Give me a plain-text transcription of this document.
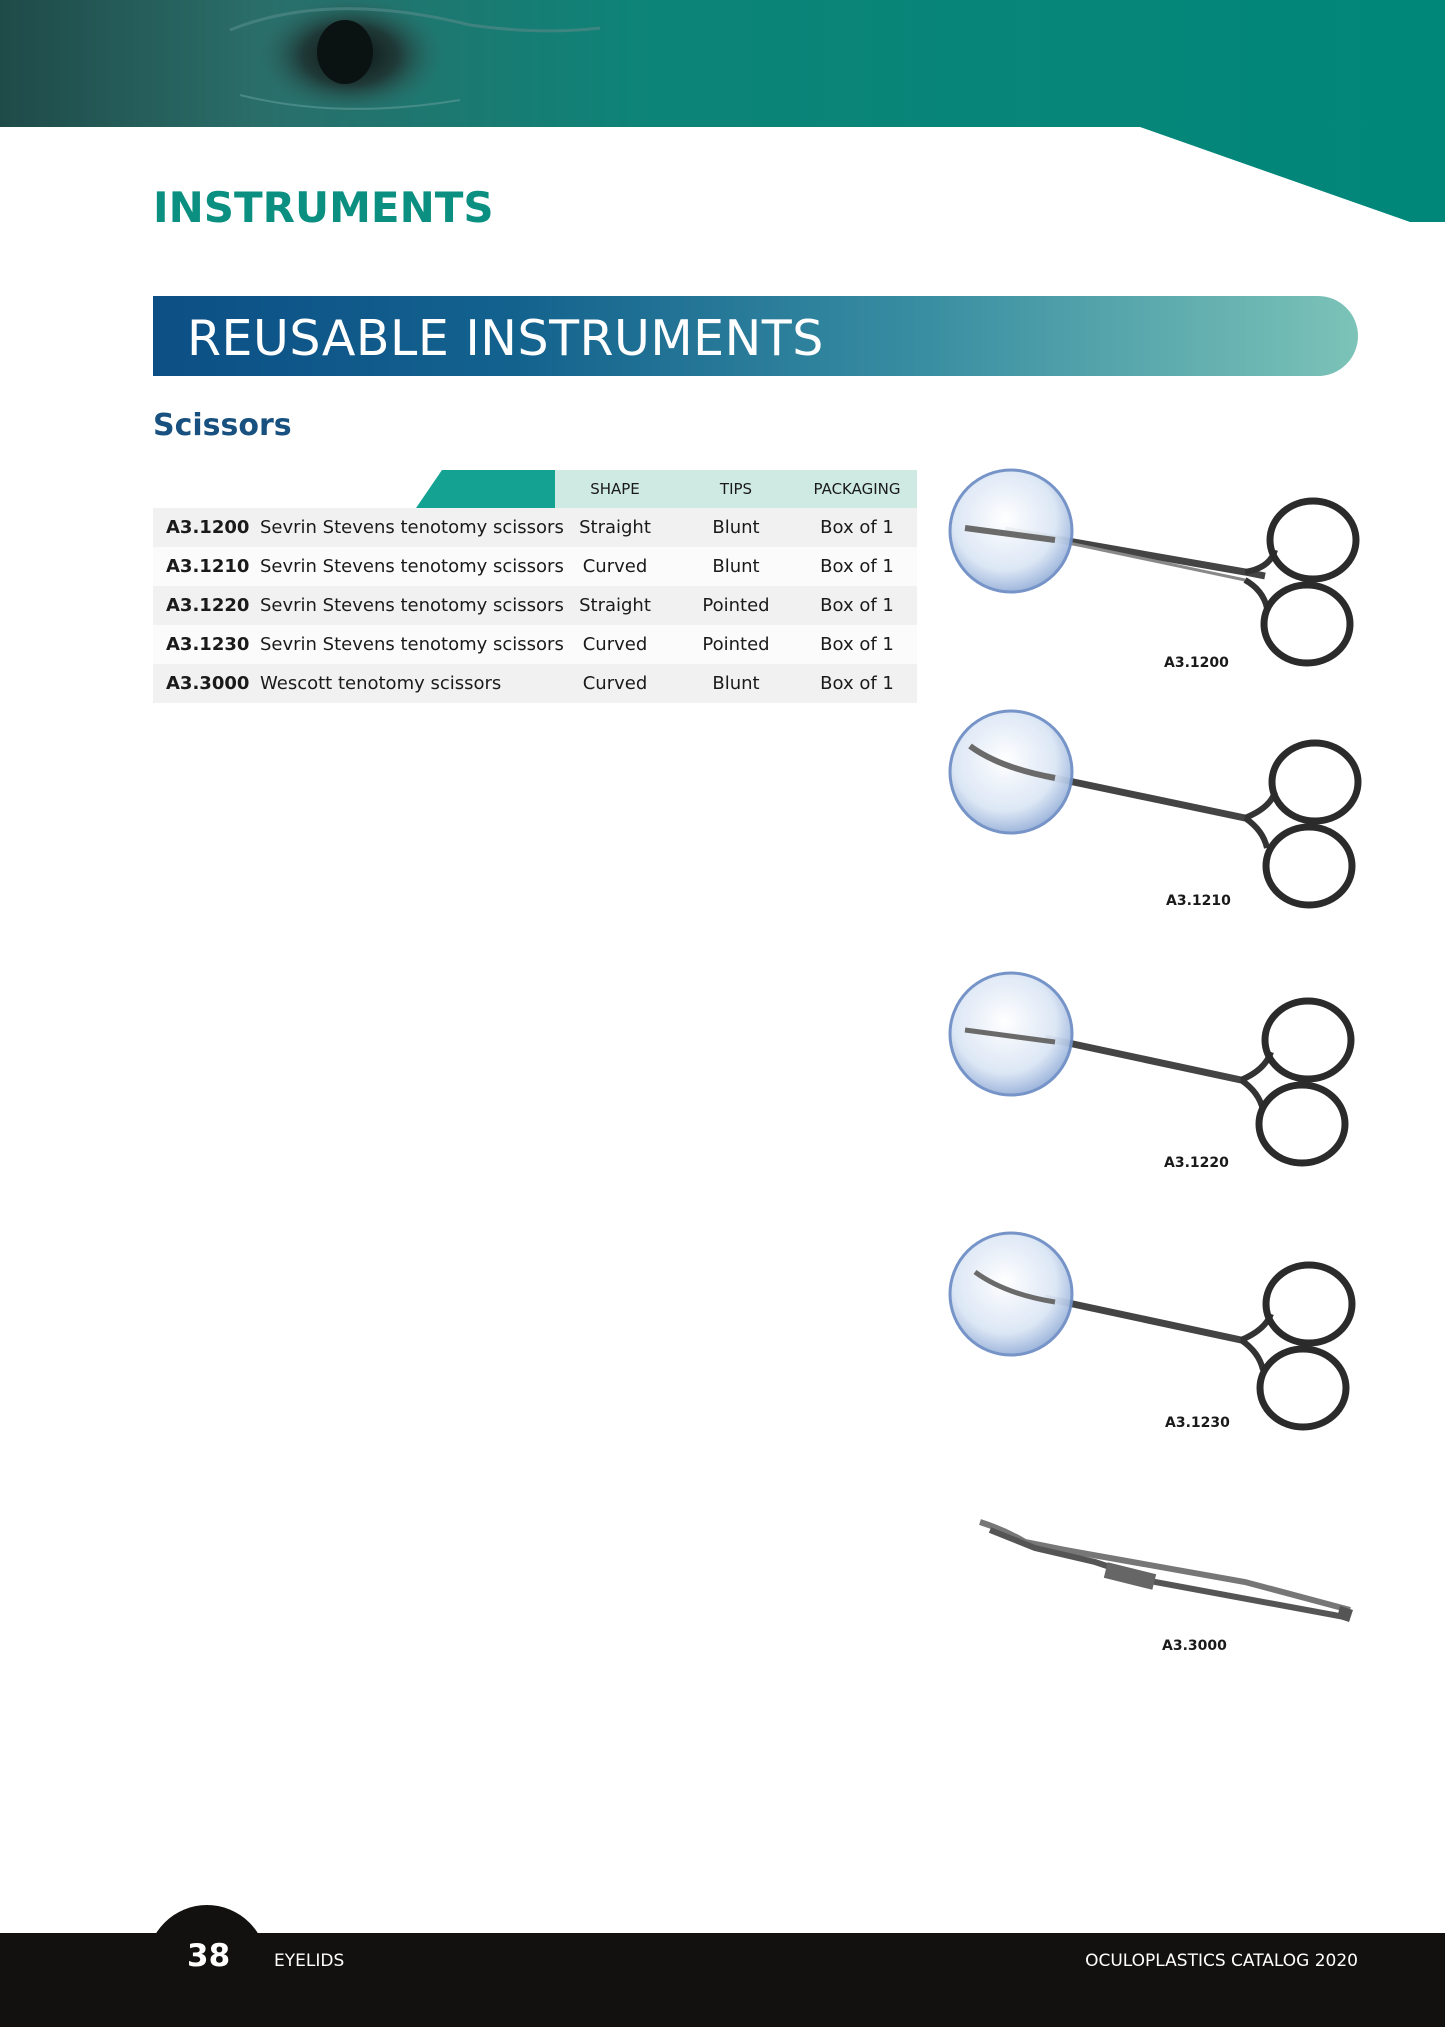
INSTRUMENTS
REUSABLE INSTRUMENTS
Scissors
SHAPE	TIPS	PACKAGING
A3.1200 Sevrin Stevens tenotomy scissors Straight	Blunt	Box of 1
A3.1210 Sevrin Stevens tenotomy scissors	Curved	Blunt	Box of 1
A3.1220 Sevrin Stevens tenotomy scissors Straight	Pointed	Box of 1
A3.1230 Sevrin Stevens tenotomy scissors	Curved	Pointed	Box of 1
A3.3000 Wescott tenotomy scissors	Curved	Blunt	Box of 1
A3.1200
A3.1210
A3.1220
A3.1230
A3.3000
38	EYELIDS	OCULOPLASTICS CATALOG 2020
